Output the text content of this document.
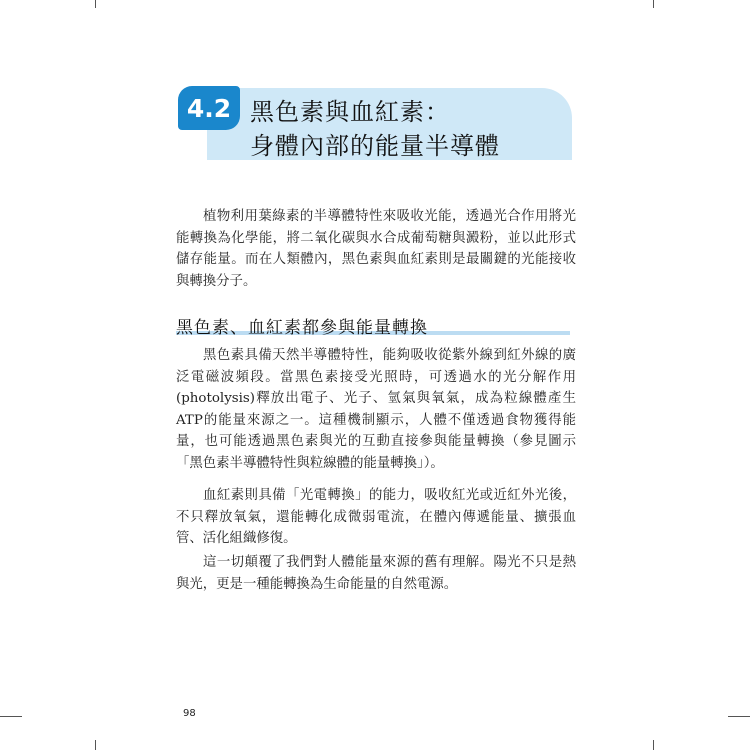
4.2 黑色素與血紅素：
身體內部的能量半導體

植物利用葉綠素的半導體特性來吸收光能，透過光合作用將光能轉換為化學能，將二氧化碳與水合成葡萄糖與澱粉，並以此形式儲存能量。而在人類體內，黑色素與血紅素則是最關鍵的光能接收與轉換分子。

黑色素、血紅素都參與能量轉換

黑色素具備天然半導體特性，能夠吸收從紫外線到紅外線的廣泛電磁波頻段。當黑色素接受光照時，可透過水的光分解作用(photolysis)釋放出電子、光子、氫氣與氧氣，成為粒線體產生ATP的能量來源之一。這種機制顯示，人體不僅透過食物獲得能量，也可能透過黑色素與光的互動直接參與能量轉換（參見圖示「黑色素半導體特性與粒線體的能量轉換」）。

血紅素則具備「光電轉換」的能力，吸收紅光或近紅外光後，不只釋放氧氣，還能轉化成微弱電流，在體內傳遞能量、擴張血管、活化組織修復。

這一切顛覆了我們對人體能量來源的舊有理解。陽光不只是熱與光，更是一種能轉換為生命能量的自然電源。

98
